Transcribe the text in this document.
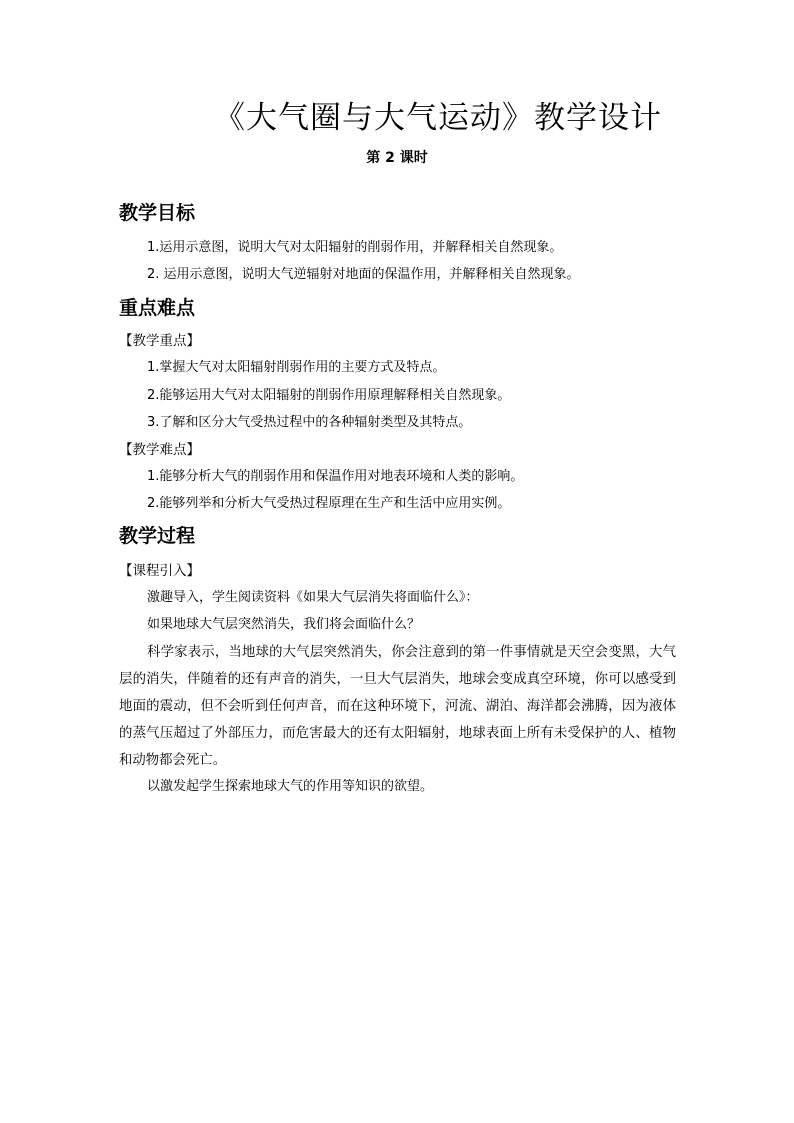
《大气圈与大气运动》教学设计
第 2 课时
教学目标
1.运用示意图，说明大气对太阳辐射的削弱作用，并解释相关自然现象。
2. 运用示意图，说明大气逆辐射对地面的保温作用，并解释相关自然现象。
重点难点
【教学重点】
1.掌握大气对太阳辐射削弱作用的主要方式及特点。
2.能够运用大气对太阳辐射的削弱作用原理解释相关自然现象。
3.了解和区分大气受热过程中的各种辐射类型及其特点。
【教学难点】
1.能够分析大气的削弱作用和保温作用对地表环境和人类的影响。
2.能够列举和分析大气受热过程原理在生产和生活中应用实例。
教学过程
【课程引入】
激趣导入，学生阅读资料《如果大气层消失将面临什么》：
如果地球大气层突然消失，我们将会面临什么？
科学家表示，当地球的大气层突然消失，你会注意到的第一件事情就是天空会变黑，大气层的消失，伴随着的还有声音的消失，一旦大气层消失，地球会变成真空环境，你可以感受到地面的震动，但不会听到任何声音，而在这种环境下，河流、湖泊、海洋都会沸腾，因为液体的蒸气压超过了外部压力，而危害最大的还有太阳辐射，地球表面上所有未受保护的人、植物和动物都会死亡。
以激发起学生探索地球大气的作用等知识的欲望。
